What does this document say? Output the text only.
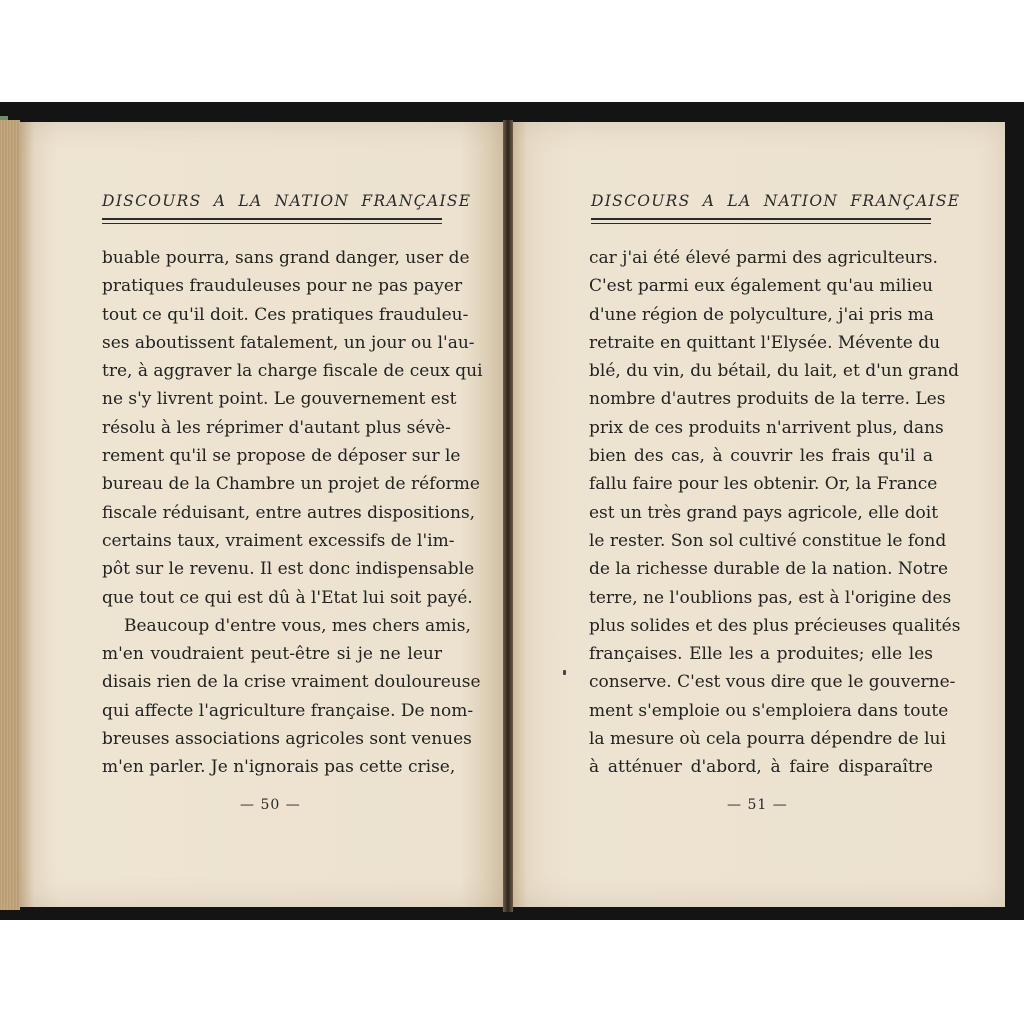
DISCOURS A LA NATION FRANÇAISE

buable pourra, sans grand danger, user de
pratiques frauduleuses pour ne pas payer
tout ce qu'il doit. Ces pratiques frauduleu-
ses aboutissent fatalement, un jour ou l'au-
tre, à aggraver la charge fiscale de ceux qui
ne s'y livrent point. Le gouvernement est
résolu à les réprimer d'autant plus sévè-
rement qu'il se propose de déposer sur le
bureau de la Chambre un projet de réforme
fiscale réduisant, entre autres dispositions,
certains taux, vraiment excessifs de l'im-
pôt sur le revenu. Il est donc indispensable
que tout ce qui est dû à l'Etat lui soit payé.
Beaucoup d'entre vous, mes chers amis,
m'en voudraient peut-être si je ne leur
disais rien de la crise vraiment douloureuse
qui affecte l'agriculture française. De nom-
breuses associations agricoles sont venues
m'en parler. Je n'ignorais pas cette crise,

— 50 —

DISCOURS A LA NATION FRANÇAISE

car j'ai été élevé parmi des agriculteurs.
C'est parmi eux également qu'au milieu
d'une région de polyculture, j'ai pris ma
retraite en quittant l'Elysée. Mévente du
blé, du vin, du bétail, du lait, et d'un grand
nombre d'autres produits de la terre. Les
prix de ces produits n'arrivent plus, dans
bien des cas, à couvrir les frais qu'il a
fallu faire pour les obtenir. Or, la France
est un très grand pays agricole, elle doit
le rester. Son sol cultivé constitue le fond
de la richesse durable de la nation. Notre
terre, ne l'oublions pas, est à l'origine des
plus solides et des plus précieuses qualités
françaises. Elle les a produites; elle les
conserve. C'est vous dire que le gouverne-
ment s'emploie ou s'emploiera dans toute
la mesure où cela pourra dépendre de lui
à atténuer d'abord, à faire disparaître

— 51 —
